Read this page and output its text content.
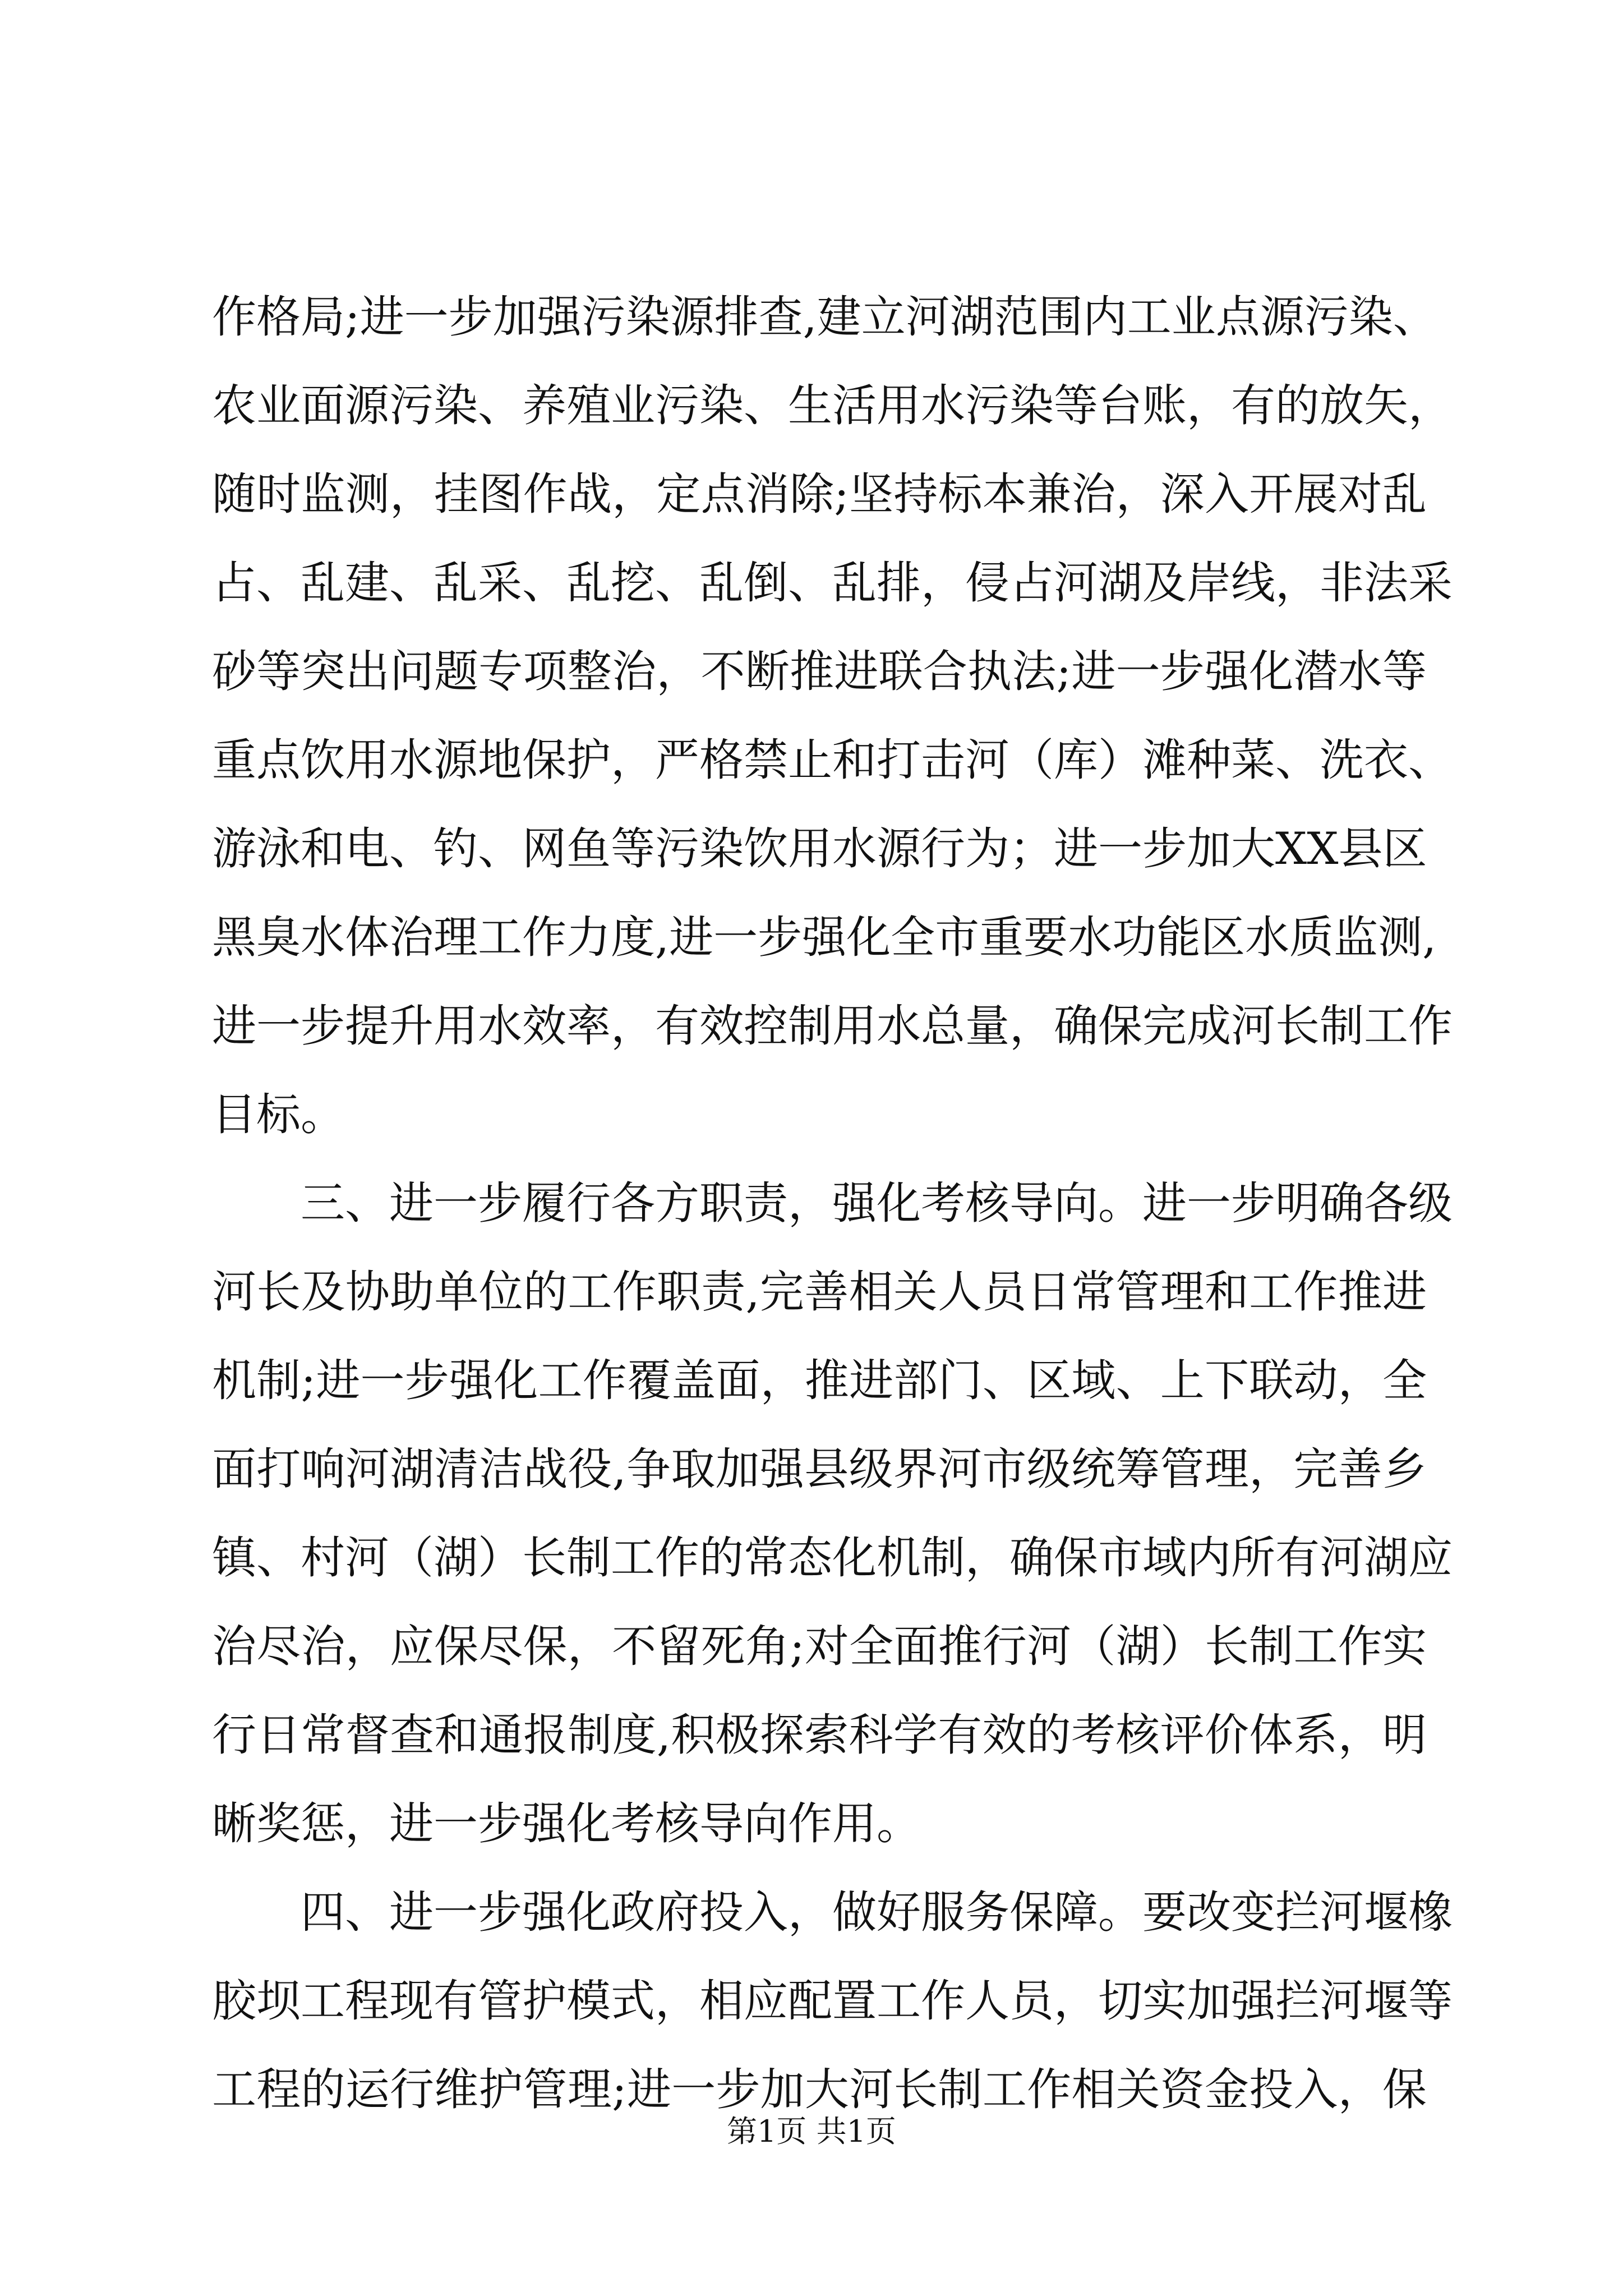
作格局;进一步加强污染源排查,建立河湖范围内工业点源污染、
农业面源污染、养殖业污染、生活用水污染等台账，有的放矢，
随时监测，挂图作战，定点消除;坚持标本兼治，深入开展对乱
占、乱建、乱采、乱挖、乱倒、乱排，侵占河湖及岸线，非法采
砂等突出问题专项整治，不断推进联合执法;进一步强化潜水等
重点饮用水源地保护，严格禁止和打击河（库）滩种菜、洗衣、
游泳和电、钓、网鱼等污染饮用水源行为；进一步加大XX县区
黑臭水体治理工作力度,进一步强化全市重要水功能区水质监测,
进一步提升用水效率，有效控制用水总量，确保完成河长制工作
目标。
三、进一步履行各方职责，强化考核导向。进一步明确各级
河长及协助单位的工作职责,完善相关人员日常管理和工作推进
机制;进一步强化工作覆盖面，推进部门、区域、上下联动，全
面打响河湖清洁战役,争取加强县级界河市级统筹管理，完善乡
镇、村河（湖）长制工作的常态化机制，确保市域内所有河湖应
治尽治，应保尽保，不留死角;对全面推行河（湖）长制工作实
行日常督查和通报制度,积极探索科学有效的考核评价体系，明
晰奖惩，进一步强化考核导向作用。
四、进一步强化政府投入，做好服务保障。要改变拦河堰橡
胶坝工程现有管护模式，相应配置工作人员，切实加强拦河堰等
工程的运行维护管理;进一步加大河长制工作相关资金投入，保
第1页 共1页
